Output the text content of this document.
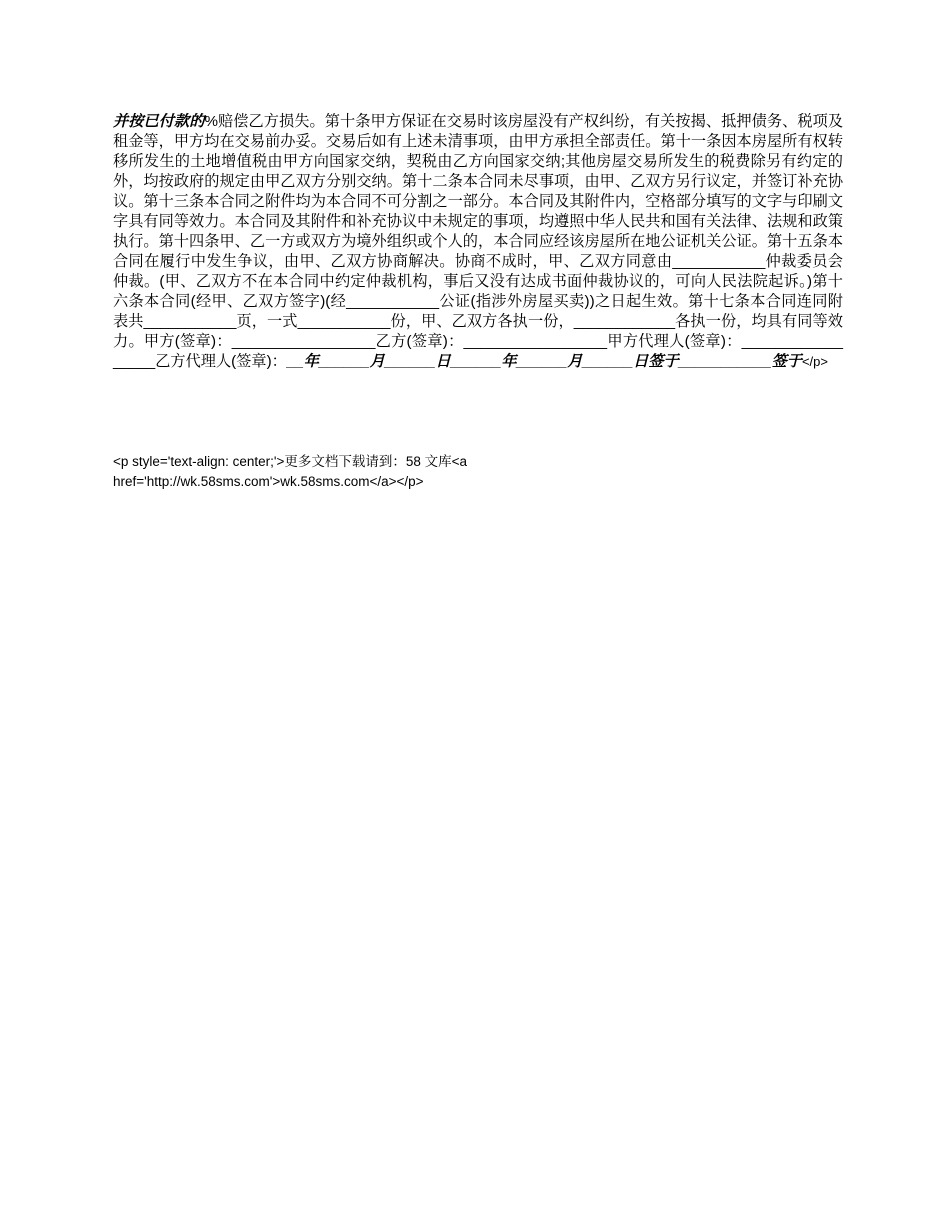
并按已付款的%赔偿乙方损失。第十条甲方保证在交易时该房屋没有产权纠纷，有关按揭、抵押债务、税项及租金等，甲方均在交易前办妥。交易后如有上述未清事项，由甲方承担全部责任。第十一条因本房屋所有权转移所发生的土地增值税由甲方向国家交纳，契税由乙方向国家交纳;其他房屋交易所发生的税费除另有约定的外，均按政府的规定由甲乙双方分别交纳。第十二条本合同未尽事项，由甲、乙双方另行议定，并签订补充协议。第十三条本合同之附件均为本合同不可分割之一部分。本合同及其附件内，空格部分填写的文字与印刷文字具有同等效力。本合同及其附件和补充协议中未规定的事项，均遵照中华人民共和国有关法律、法规和政策执行。第十四条甲、乙一方或双方为境外组织或个人的，本合同应经该房屋所在地公证机关公证。第十五条本合同在履行中发生争议，由甲、乙双方协商解决。协商不成时，甲、乙双方同意由___________仲裁委员会仲裁。(甲、乙双方不在本合同中约定仲裁机构，事后又没有达成书面仲裁协议的，可向人民法院起诉。)第十六条本合同(经甲、乙双方签字)(经___________公证(指涉外房屋买卖))之日起生效。第十七条本合同连同附表共___________页，一式___________份，甲、乙双方各执一份，____________各执一份，均具有同等效力。甲方(签章)：_________________乙方(签章)：_________________甲方代理人(签章)：_________________乙方代理人(签章)：__年______月______日______年______月______日签于___________签于</p>
<p style='text-align: center;'>更多文档下载请到：58 文库<a href='http://wk.58sms.com'>wk.58sms.com</a></p>
